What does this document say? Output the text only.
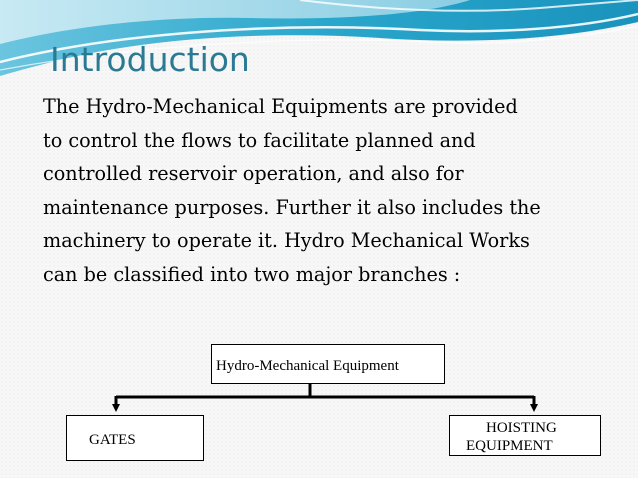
Introduction

The Hydro-Mechanical Equipments are provided
to control the flows to facilitate planned and
controlled reservoir operation, and also for
maintenance purposes. Further it also includes the
machinery to operate it. Hydro Mechanical Works
can be classified into two major branches :

Hydro-Mechanical Equipment
GATES
HOISTING
EQUIPMENT
